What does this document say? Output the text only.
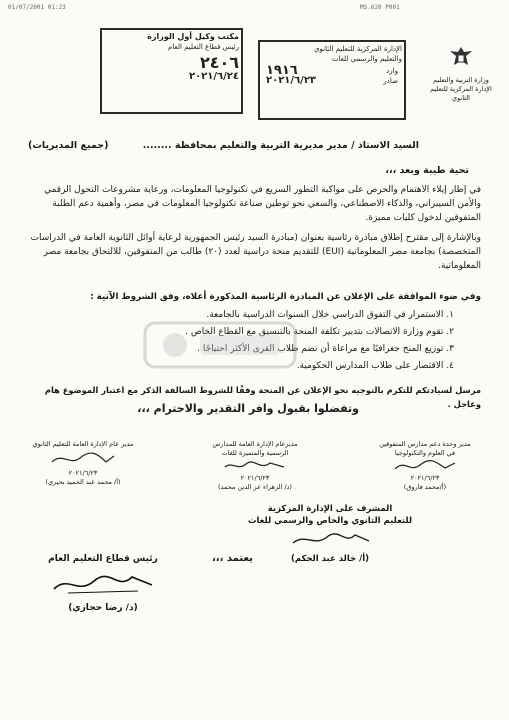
01/07/2001 01:23	MS.620 P001
وزارة التربية والتعليم
الإدارة المركزية للتعليم الثانوي
الإدارة المركزية للتعليم الثانوي
والتعليم والرسمي للغات
وارد
١٩١٦
صادر
٢٠٢١/٦/٢٣
مكتب وكيل أول الوزارة
رئيس قطاع التعليم العام
٢٤٠٦
٢٠٢١/٦/٢٤
السيد الاستاذ / مدير مديرية التربية والتعليم بمحافظة ........
(جميع المديريات)
تحية طيبة وبعد ،،،
في إطار إيلاء الاهتمام والحرص على مواكبة التطور السريع في تكنولوجيا المعلومات، ورعاية مشروعات التحول الرقمي والأمن السيبراني، والذكاء الاصطناعي، والسعي نحو توطين صناعة تكنولوجيا المعلومات في مصر، وأهمية دعم الطلبة المتفوقين لدخول كليات مميزة.
وبالإشارة إلى مقترح إطلاق مبادرة رئاسية بعنوان (مبادرة السيد رئيس الجمهورية لرعاية أوائل الثانوية العامة في الدراسات المتخصصة) بجامعة مصر المعلوماتية (EUI) للتقديم منحة دراسية لعدد (٢٠) طالب من المتفوقين، للالتحاق بجامعة مصر المعلوماتية.
وفي ضوء الموافقة على الإعلان عن المبادرة الرئاسية المذكورة أعلاه، وفق الشروط الآتية :
١. الاستمرار في التفوق الدراسي خلال السنوات الدراسية بالجامعة.
٢. تقوم وزارة الاتصالات بتدبير تكلفة المنحة بالتنسيق مع القطاع الخاص .
٣. توزيع المنح جغرافيًا مع مراعاة أن تضم طلاب القرى الأكثر احتياجًا .
٤. الاقتصار على طلاب المدارس الحكومية.
مرسل لسيادتكم للتكرم بالتوجيه نحو الإعلان عن المنحة وفقًا للشروط السالفة الذكر مع اعتبار الموضوع هام وعاجل .
وتفضلوا بقبول وافر التقدير والاحترام ،،،
مدير وحدة دعم مدارس المتفوقين
في العلوم والتكنولوجيا
٢٠٢١/٦/٢٣
(أ/محمد فاروق)
مديرعام الإدارة العامة للمدارس
الرسمية والمتميزة للغات
٢٠٢١/٦/٢٣
(د/ الزهراء عز الدين محمد)
مدير عام الإدارة العامة للتعليم الثانوي
٢٠٢١/٦/٢٣
(أ/ محمد عبد الحميد بحيري)
المشرف على الإدارة المركزية
للتعليم الثانوي والخاص والرسمي للغات
(أ/ خالد عبد الحكم)
يعتمد ،،،
رئيس قطاع التعليم العام
(د/ رضا حجازي)
